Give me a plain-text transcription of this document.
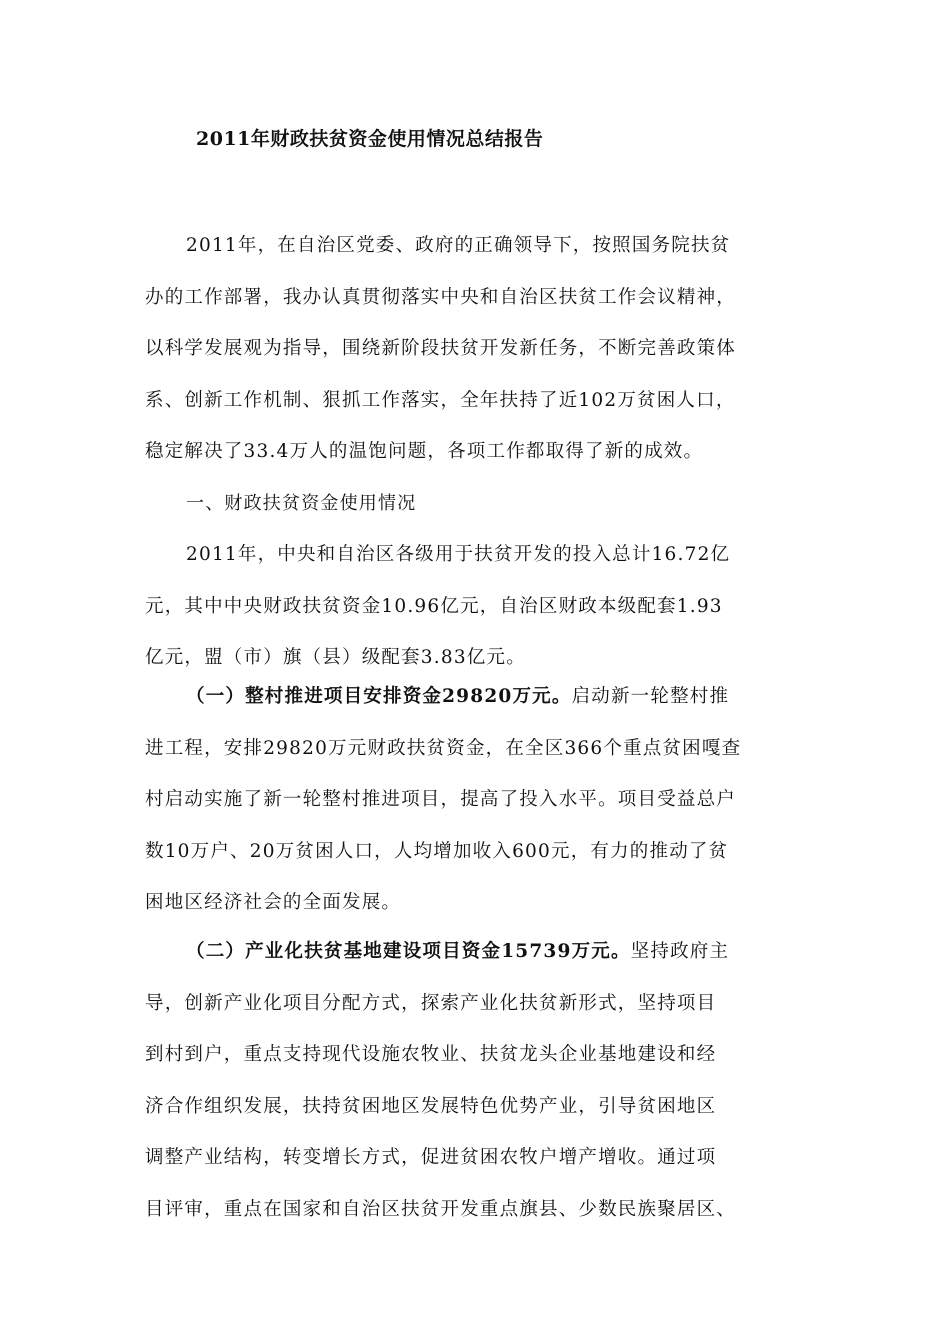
2011年财政扶贫资金使用情况总结报告
2011年，在自治区党委、政府的正确领导下，按照国务院扶贫
办的工作部署，我办认真贯彻落实中央和自治区扶贫工作会议精神，
以科学发展观为指导，围绕新阶段扶贫开发新任务，不断完善政策体
系、创新工作机制、狠抓工作落实，全年扶持了近102万贫困人口，
稳定解决了33.4万人的温饱问题，各项工作都取得了新的成效。
一、财政扶贫资金使用情况
2011年，中央和自治区各级用于扶贫开发的投入总计16.72亿
元，其中中央财政扶贫资金10.96亿元，自治区财政本级配套1.93
亿元，盟（市）旗（县）级配套3.83亿元。
（一）整村推进项目安排资金29820万元。启动新一轮整村推
进工程，安排29820万元财政扶贫资金，在全区366个重点贫困嘎查
村启动实施了新一轮整村推进项目，提高了投入水平。项目受益总户
数10万户、20万贫困人口，人均增加收入600元，有力的推动了贫
困地区经济社会的全面发展。
（二）产业化扶贫基地建设项目资金15739万元。坚持政府主
导，创新产业化项目分配方式，探索产业化扶贫新形式，坚持项目
到村到户，重点支持现代设施农牧业、扶贫龙头企业基地建设和经
济合作组织发展，扶持贫困地区发展特色优势产业，引导贫困地区
调整产业结构，转变增长方式，促进贫困农牧户增产增收。通过项
目评审，重点在国家和自治区扶贫开发重点旗县、少数民族聚居区、
